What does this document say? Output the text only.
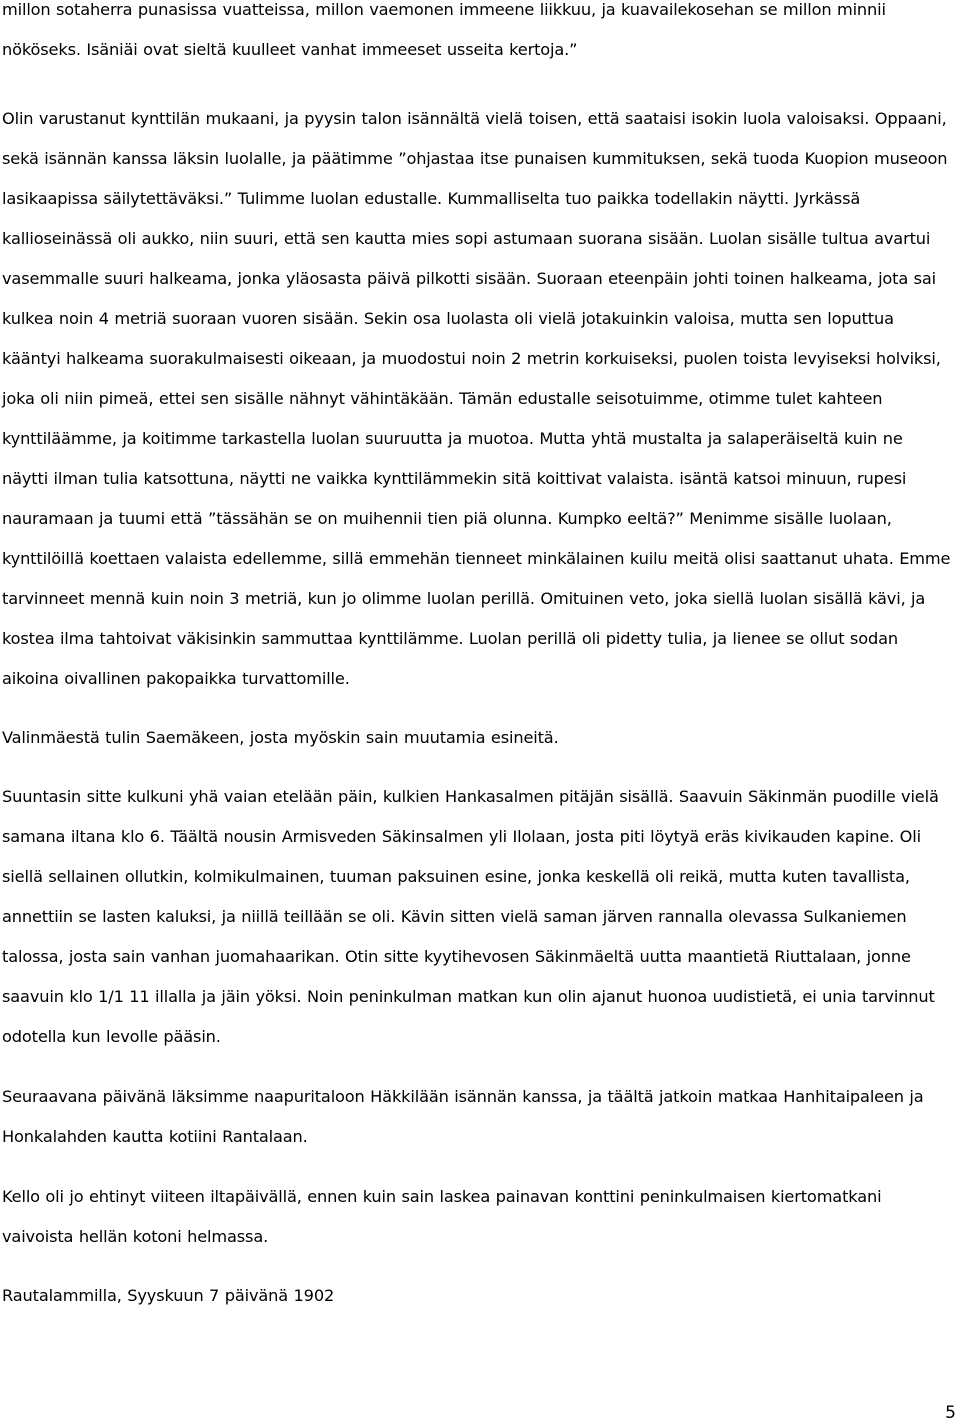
millon sotaherra punasissa vuatteissa, millon vaemonen immeene liikkuu, ja kuavailekosehan se millon minnii nököseks. Isäniäi ovat sieltä kuulleet vanhat immeeset usseita kertoja.”

Olin varustanut kynttilän mukaani, ja pyysin talon isännältä vielä toisen, että saataisi isokin luola valoisaksi. Oppaani, sekä isännän kanssa läksin luolalle, ja päätimme ”ohjastaa itse punaisen kummituksen, sekä tuoda Kuopion museoon lasikaapissa säilytettäväksi.” Tulimme luolan edustalle. Kummalliselta tuo paikka todellakin näytti. Jyrkässä kallioseinässä oli aukko, niin suuri, että sen kautta mies sopi astumaan suorana sisään. Luolan sisälle tultua avartui vasemmalle suuri halkeama, jonka yläosasta päivä pilkotti sisään. Suoraan eteenpäin johti toinen halkeama, jota sai kulkea noin 4 metriä suoraan vuoren sisään. Sekin osa luolasta oli vielä jotakuinkin valoisa, mutta sen loputtua kääntyi halkeama suorakulmaisesti oikeaan, ja muodostui noin 2 metrin korkuiseksi, puolen toista levyiseksi holviksi, joka oli niin pimeä, ettei sen sisälle nähnyt vähintäkään. Tämän edustalle seisotuimme, otimme tulet kahteen kynttiläämme, ja koitimme tarkastella luolan suuruutta ja muotoa. Mutta yhtä mustalta ja salaperäiseltä kuin ne näytti ilman tulia katsottuna, näytti ne vaikka kynttilämmekin sitä koittivat valaista. isäntä katsoi minuun, rupesi nauramaan ja tuumi että ”tässähän se on muihennii tien piä olunna. Kumpko eeltä?” Menimme sisälle luolaan, kynttilöillä koettaen valaista edellemme, sillä emmehän tienneet minkälainen kuilu meitä olisi saattanut uhata. Emme tarvinneet mennä kuin noin 3 metriä, kun jo olimme luolan perillä. Omituinen veto, joka siellä luolan sisällä kävi, ja kostea ilma tahtoivat väkisinkin sammuttaa kynttilämme. Luolan perillä oli pidetty tulia, ja lienee se ollut sodan aikoina oivallinen pakopaikka turvattomille.

Valinmäestä tulin Saemäkeen, josta myöskin sain muutamia esineitä.

Suuntasin sitte kulkuni yhä vaian etelään päin, kulkien Hankasalmen pitäjän sisällä. Saavuin Säkinmän puodille vielä samana iltana klo 6. Täältä nousin Armisveden Säkinsalmen yli Ilolaan, josta piti löytyä eräs kivikauden kapine. Oli siellä sellainen ollutkin, kolmikulmainen, tuuman paksuinen esine, jonka keskellä oli reikä, mutta kuten tavallista, annettiin se lasten kaluksi, ja niillä teillään se oli. Kävin sitten vielä saman järven rannalla olevassa Sulkaniemen talossa, josta sain vanhan juomahaarikan. Otin sitte kyytihevosen Säkinmäeltä uutta maantietä Riuttalaan, jonne saavuin klo 1/1 11 illalla ja jäin yöksi. Noin peninkulman matkan kun olin ajanut huonoa uudistietä, ei unia tarvinnut odotella kun levolle pääsin.

Seuraavana päivänä läksimme naapuritaloon Häkkilään isännän kanssa, ja täältä jatkoin matkaa Hanhitaipaleen ja Honkalahden kautta kotiini Rantalaan.

Kello oli jo ehtinyt viiteen iltapäivällä, ennen kuin sain laskea painavan konttini peninkulmaisen kiertomatkani vaivoista hellän kotoni helmassa.

Rautalammilla, Syyskuun 7 päivänä 1902

5
